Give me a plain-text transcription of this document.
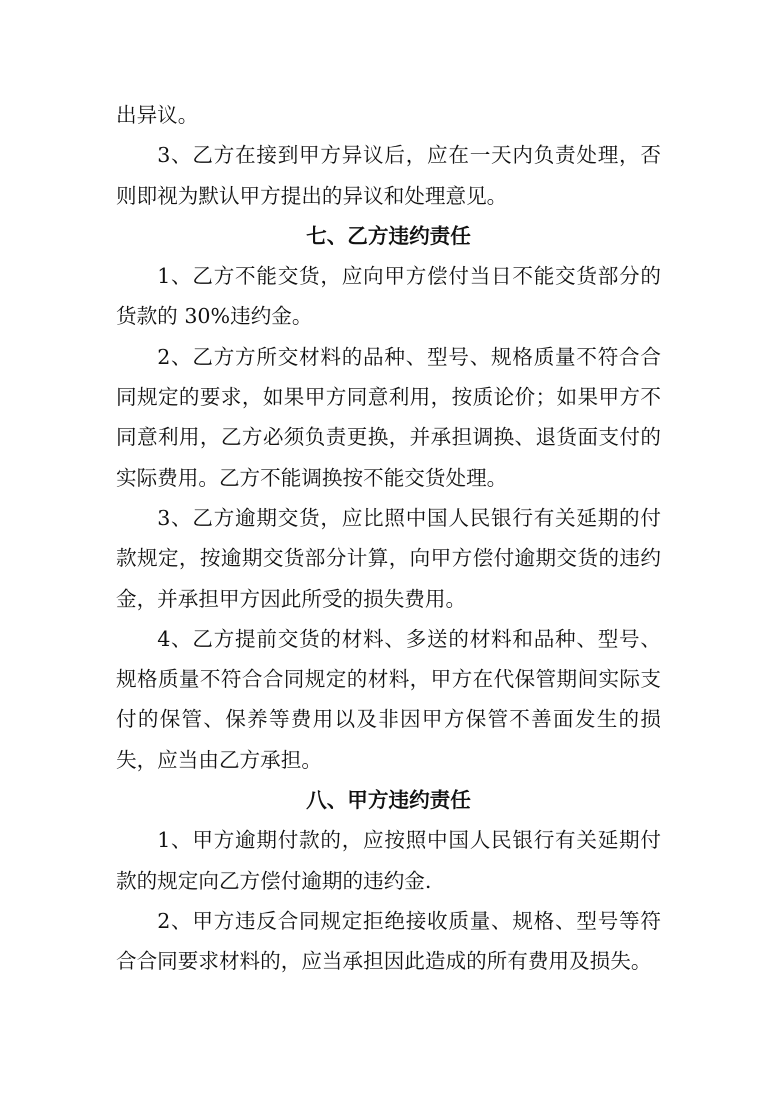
出异议。

3、乙方在接到甲方异议后，应在一天内负责处理，否则即视为默认甲方提出的异议和处理意见。

七、乙方违约责任

1、乙方不能交货，应向甲方偿付当日不能交货部分的货款的 30%违约金。

2、乙方方所交材料的品种、型号、规格质量不符合合同规定的要求，如果甲方同意利用，按质论价；如果甲方不同意利用，乙方必须负责更换，并承担调换、退货面支付的实际费用。乙方不能调换按不能交货处理。

3、乙方逾期交货，应比照中国人民银行有关延期的付款规定，按逾期交货部分计算，向甲方偿付逾期交货的违约金，并承担甲方因此所受的损失费用。

4、乙方提前交货的材料、多送的材料和品种、型号、规格质量不符合合同规定的材料，甲方在代保管期间实际支付的保管、保养等费用以及非因甲方保管不善面发生的损失，应当由乙方承担。

八、甲方违约责任

1、甲方逾期付款的，应按照中国人民银行有关延期付款的规定向乙方偿付逾期的违约金.

2、甲方违反合同规定拒绝接收质量、规格、型号等符合合同要求材料的，应当承担因此造成的所有费用及损失。
